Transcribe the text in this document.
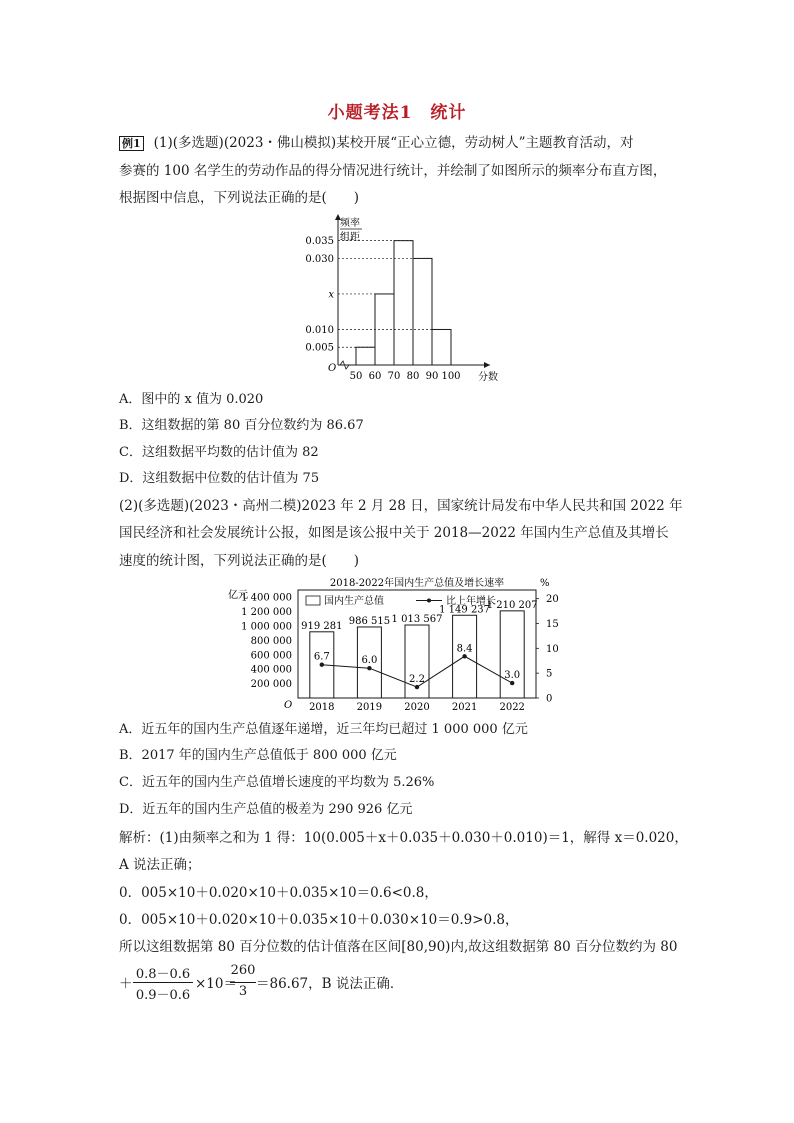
小题考法1　统计
例1 (1)(多选题)(2023・佛山模拟)某校开展“正心立德，劳动树人”主题教育活动，对
参赛的 100 名学生的劳动作品的得分情况进行统计，并绘制了如图所示的频率分布直方图，
根据图中信息，下列说法正确的是(　　)
频率
组距
O
0.035
0.030
x
0.010
0.005
50 60 70 80 90 100 分数
A．图中的 x 值为 0.020
B．这组数据的第 80 百分位数约为 86.67
C．这组数据平均数的估计值为 82
D．这组数据中位数的估计值为 75
(2)(多选题)(2023・高州二模)2023 年 2 月 28 日，国家统计局发布中华人民共和国 2022 年
国民经济和社会发展统计公报，如图是该公报中关于 2018—2022 年国内生产总值及其增长
速度的统计图，下列说法正确的是(　　)
2018-2022年国内生产总值及增长速率
亿元
%
O
200 000
400 000
600 000
800 000
1 000 000
1 200 000
1 400 000
0
5
10
15
20
国内生产总值	比上年增长
919 281 986 515 1 013 567
1 149 237
1 210 207
6.7	6.0
2.2
8.4
3.0
2018 2019 2020 2021 2022
A．近五年的国内生产总值逐年递增，近三年均已超过 1 000 000 亿元
B．2017 年的国内生产总值低于 800 000 亿元
C．近五年的国内生产总值增长速度的平均数为 5.26%
D．近五年的国内生产总值的极差为 290 926 亿元
解析：(1)由频率之和为 1 得：10(0.005＋x＋0.035＋0.030＋0.010)＝1，解得 x＝0.020，
A 说法正确；
0．005×10＋0.020×10＋0.035×10＝0.6<0.8，
0．005×10＋0.020×10＋0.035×10＋0.030×10＝0.9>0.8，
所以这组数据第 80 百分位数的估计值落在区间[80,90)内,故这组数据第 80 百分位数约为 80
＋
0.8－0.6
0.9－0.6
×10＝
260
3 ＝86.67，B 说法正确．
